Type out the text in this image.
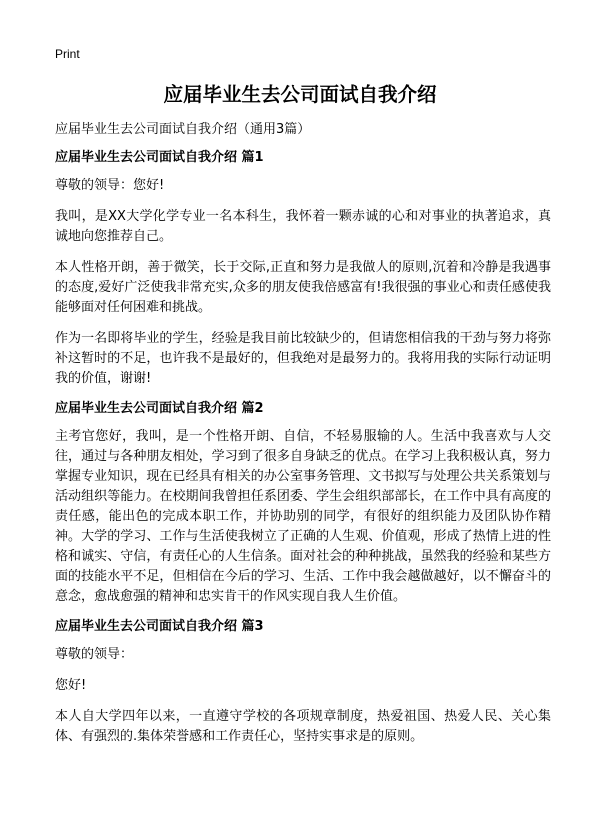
Print
应届毕业生去公司面试自我介绍

应届毕业生去公司面试自我介绍（通用3篇）

应届毕业生去公司面试自我介绍 篇1

尊敬的领导：您好!

我叫，是XX大学化学专业一名本科生，我怀着一颗赤诚的心和对事业的执著追求，真诚地向您推荐自己。

本人性格开朗，善于微笑，长于交际,正直和努力是我做人的原则,沉着和冷静是我遇事的态度,爱好广泛使我非常充实,众多的朋友使我倍感富有!我很强的事业心和责任感使我能够面对任何困难和挑战。

作为一名即将毕业的学生，经验是我目前比较缺少的，但请您相信我的干劲与努力将弥补这暂时的不足，也许我不是最好的，但我绝对是最努力的。我将用我的实际行动证明我的价值，谢谢!

应届毕业生去公司面试自我介绍 篇2

主考官您好，我叫，是一个性格开朗、自信，不轻易服输的人。生活中我喜欢与人交往，通过与各种朋友相处，学习到了很多自身缺乏的优点。在学习上我积极认真，努力掌握专业知识，现在已经具有相关的办公室事务管理、文书拟写与处理公共关系策划与活动组织等能力。在校期间我曾担任系团委、学生会组织部部长，在工作中具有高度的责任感，能出色的完成本职工作，并协助别的同学，有很好的组织能力及团队协作精神。大学的学习、工作与生活使我树立了正确的人生观、价值观，形成了热情上进的性格和诚实、守信，有责任心的人生信条。面对社会的种种挑战，虽然我的经验和某些方面的技能水平不足，但相信在今后的学习、生活、工作中我会越做越好，以不懈奋斗的意念，愈战愈强的精神和忠实肯干的作风实现自我人生价值。

应届毕业生去公司面试自我介绍 篇3

尊敬的领导：

您好!

本人自大学四年以来，一直遵守学校的各项规章制度，热爱祖国、热爱人民、关心集体、有强烈的.集体荣誉感和工作责任心，坚持实事求是的原则。
